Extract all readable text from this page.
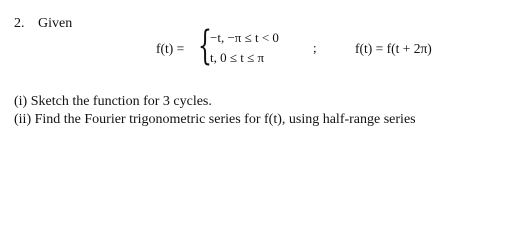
2. Given
f(t) = {
−t, −π ≤ t < 0
t, 0 ≤ t ≤ π
;	f(t) = f(t + 2π)
(i) Sketch the function for 3 cycles.
(ii) Find the Fourier trigonometric series for f(t), using half-range series
